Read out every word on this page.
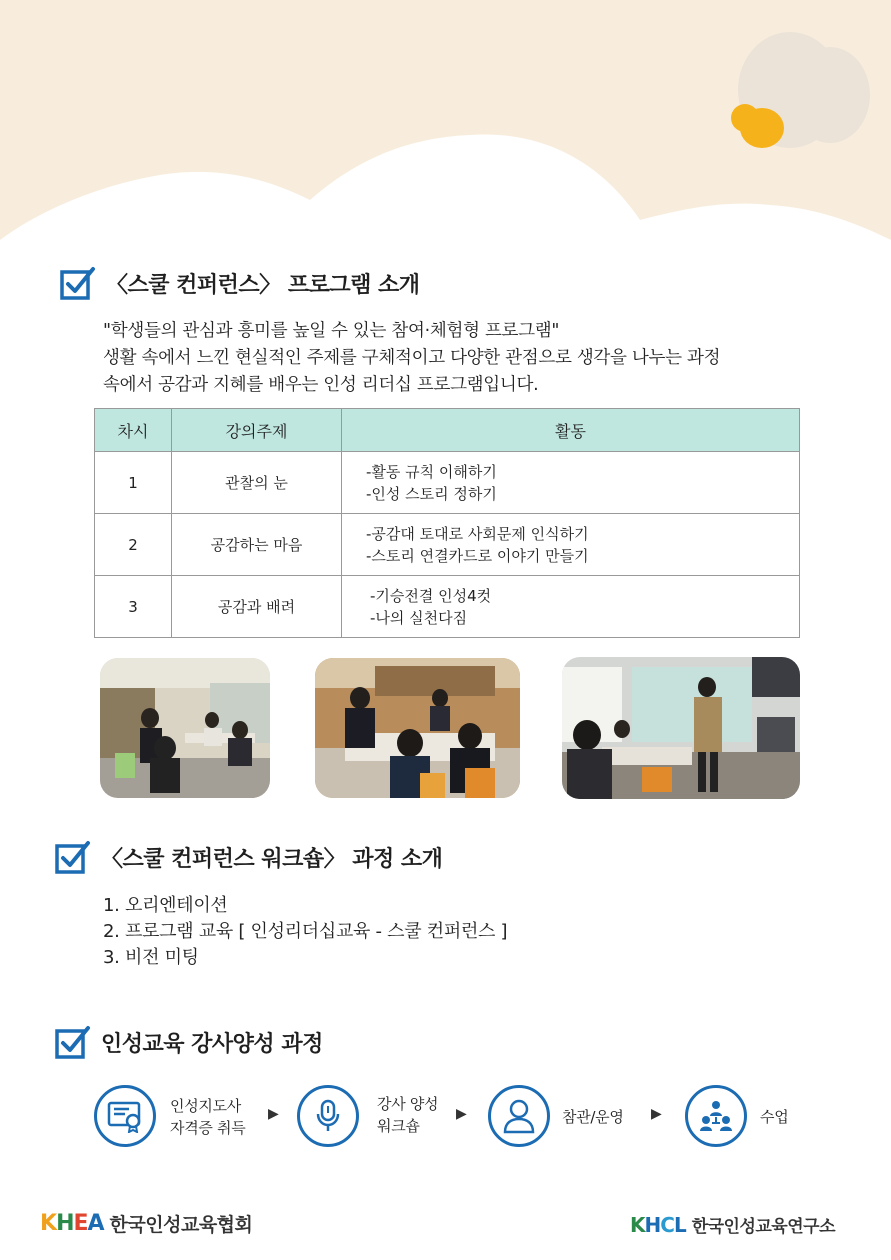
〈스쿨 컨퍼런스〉 프로그램 소개
"학생들의 관심과 흥미를 높일 수 있는 참여·체험형 프로그램"
생활 속에서 느낀 현실적인 주제를 구체적이고 다양한 관점으로 생각을 나누는 과정
속에서 공감과 지혜를 배우는 인성 리더십 프로그램입니다.
차시	강의주제	활동
1	관찰의 눈	-활동 규칙 이해하기
-인성 스토리 정하기

2	공감하는 마음	-공감대 토대로 사회문제 인식하기
-스토리 연결카드로 이야기 만들기

3	공감과 배려	-기승전결 인성4컷
-나의 실천다짐
〈스쿨 컨퍼런스 워크숍〉 과정 소개
1. 오리엔테이션
2. 프로그램 교육 [ 인성리더십교육 - 스쿨 컨퍼런스 ]
3. 비전 미팅
인성교육 강사양성 과정
인성지도사
자격증 취득
▶
강사 양성
워크숍
▶	참관/운영 ▶	수업
KHEA 한국인성교육협회	KHCL 한국인성교육연구소
